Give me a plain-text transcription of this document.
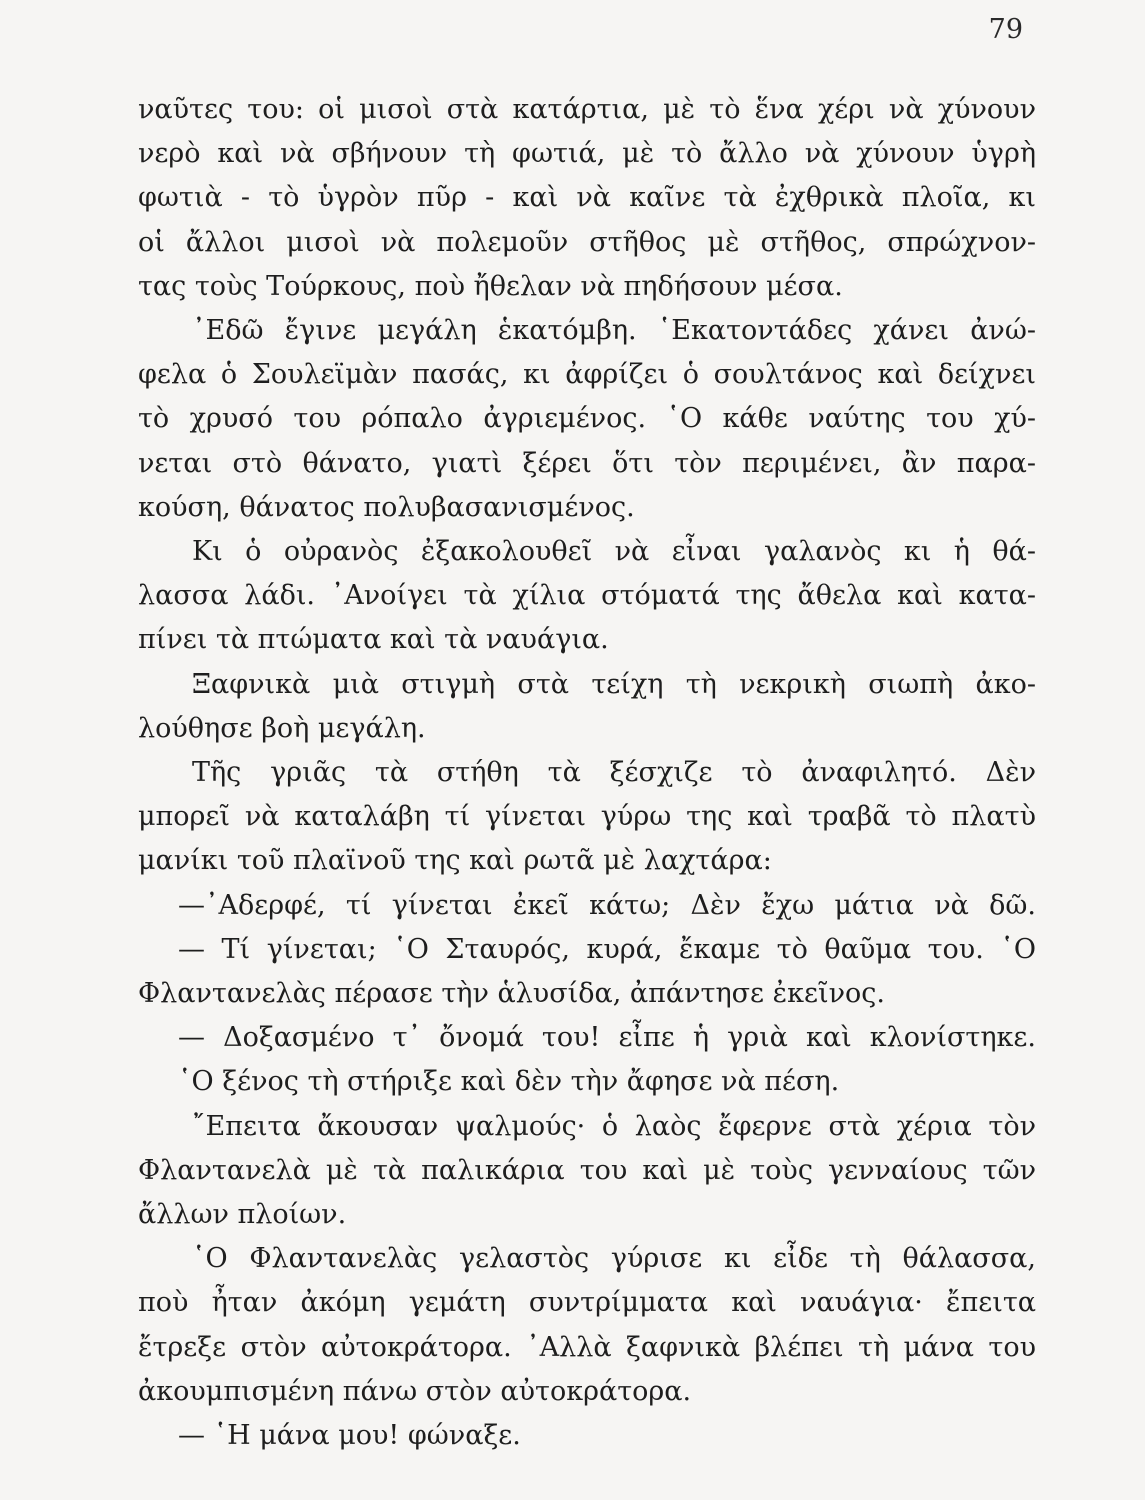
79
ναῦτες του: οἱ μισοὶ στὰ κατάρτια, μὲ τὸ ἕνα χέρι νὰ χύνουν
νερὸ καὶ νὰ σβήνουν τὴ φωτιά, μὲ τὸ ἄλλο νὰ χύνουν ὑγρὴ
φωτιὰ - τὸ ὑγρὸν πῦρ - καὶ νὰ καῖνε τὰ ἐχθρικὰ πλοῖα, κι
οἱ ἄλλοι μισοὶ νὰ πολεμοῦν στῆθος μὲ στῆθος, σπρώχνον-
τας τοὺς Τούρκους, ποὺ ἤθελαν νὰ πηδήσουν μέσα.
᾿Εδῶ ἔγινε μεγάλη ἑκατόμβη. ῾Εκατοντάδες χάνει ἀνώ-
φελα ὁ Σουλεϊμὰν πασάς, κι ἀφρίζει ὁ σουλτάνος καὶ δείχνει
τὸ χρυσό του ρόπαλο ἀγριεμένος. ῾Ο κάθε ναύτης του χύ-
νεται στὸ θάνατο, γιατὶ ξέρει ὅτι τὸν περιμένει, ἂν παρα-
κούση, θάνατος πολυβασανισμένος.
Κι ὁ οὐρανὸς ἐξακολουθεῖ νὰ εἶναι γαλανὸς κι ἡ θά-
λασσα λάδι. ᾿Ανοίγει τὰ χίλια στόματά της ἄθελα καὶ κατα-
πίνει τὰ πτώματα καὶ τὰ ναυάγια.
Ξαφνικὰ μιὰ στιγμὴ στὰ τείχη τὴ νεκρικὴ σιωπὴ ἀκο-
λούθησε βοὴ μεγάλη.
Τῆς γριᾶς τὰ στήθη τὰ ξέσχιζε τὸ ἀναφιλητό. Δὲν
μπορεῖ νὰ καταλάβη τί γίνεται γύρω της καὶ τραβᾶ τὸ πλατὺ
μανίκι τοῦ πλαϊνοῦ της καὶ ρωτᾶ μὲ λαχτάρα:
—᾿Αδερφέ, τί γίνεται ἐκεῖ κάτω; Δὲν ἔχω μάτια νὰ δῶ.
— Τί γίνεται; ῾Ο Σταυρός, κυρά, ἔκαμε τὸ θαῦμα του. ῾Ο
Φλαντανελὰς πέρασε τὴν ἁλυσίδα, ἀπάντησε ἐκεῖνος.
— Δοξασμένο τ᾿ ὄνομά του! εἶπε ἡ γριὰ καὶ κλονίστηκε.
῾Ο ξένος τὴ στήριξε καὶ δὲν τὴν ἄφησε νὰ πέση.
῎Επειτα ἄκουσαν ψαλμούς· ὁ λαὸς ἔφερνε στὰ χέρια τὸν
Φλαντανελὰ μὲ τὰ παλικάρια του καὶ μὲ τοὺς γενναίους τῶν
ἄλλων πλοίων.
῾Ο Φλαντανελὰς γελαστὸς γύρισε κι εἶδε τὴ θάλασσα,
ποὺ ἦταν ἀκόμη γεμάτη συντρίμματα καὶ ναυάγια· ἔπειτα
ἔτρεξε στὸν αὐτοκράτορα. ᾿Αλλὰ ξαφνικὰ βλέπει τὴ μάνα του
ἀκουμπισμένη πάνω στὸν αὐτοκράτορα.
— ῾Η μάνα μου! φώναξε.
